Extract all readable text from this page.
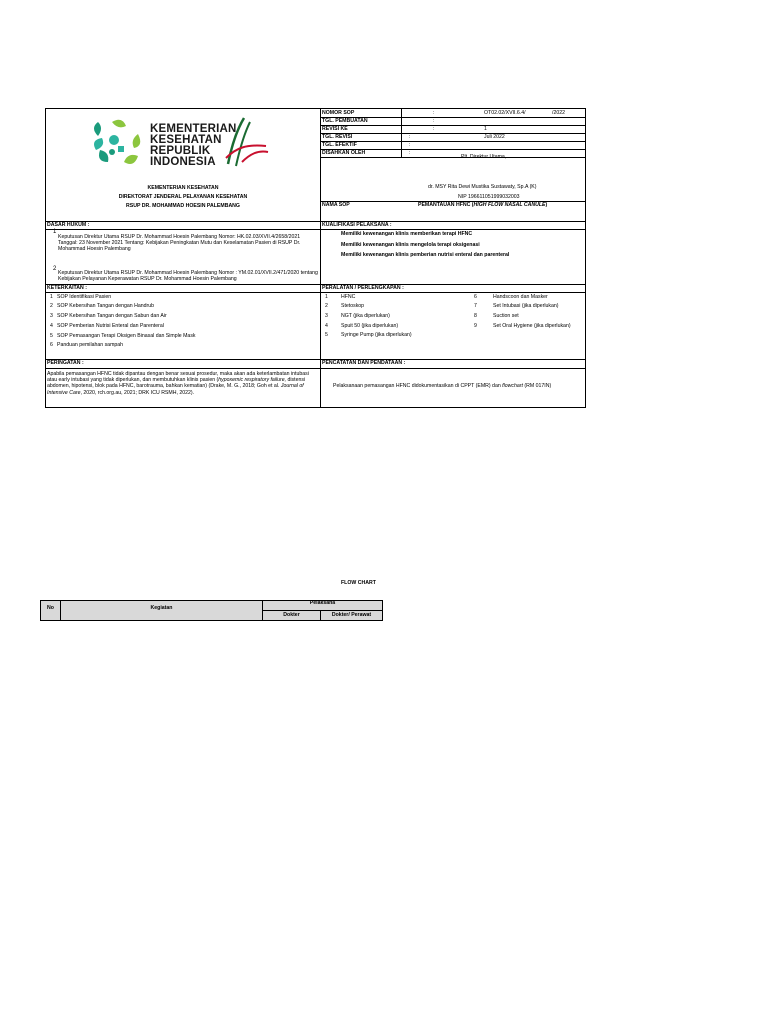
KEMENTERIAN
KESEHATAN
REPUBLIK
INDONESIA
KEMENTERIAN KESEHATAN
DIREKTORAT JENDERAL PELAYANAN KESEHATAN
RSUP DR. MOHAMMAD HOESIN PALEMBANG
NOMOR SOP	:	OT02.02/XVII.6.4/	/2022
TGL. PEMBUATAN	:
REVISI KE	:	1
TGL. REVISI	:	Juli 2022
TGL. EFEKTIF	:
DISAHKAN OLEH	:
Plt. Direktur Utama,
dr. MSY Rita Dewi Mustika Sustawaty, Sp.A (K)
NIP 196611051999032003
NAMA SOP	PEMANTAUAN HFNC (HIGH FLOW NASAL CANULE)
DASAR HUKUM :	KUALIFIKASI PELAKSANA :
1
Keputusan Direktur Utama RSUP Dr. Mohammad Hoesin Palembang Nomor: HK.02.03/XVII.4/2658/2021 Tanggal: 23 November 2021 Tentang: Kebijakan Peningkatan Mutu dan Keselamatan Pasien di RSUP Dr. Mohammad Hoesin Palembang
2
Keputusan Direktur Utama RSUP Dr. Mohammad Hoesin Palembang Nomor : YM.02.01/XVII.2/471/2020 tentang Kebijakan Pelayanan Keperawatan RSUP Dr. Mohammad Hoesin Palembang
Memiliki kewenangan klinis memberikan terapi HFNC
Memiliki kewenangan klinis mengelola terapi oksigenasi
Memiliki kewenangan klinis pemberian nutrisi enteral dan parenteral
KETERKAITAN :	PERALATAN / PERLENGKAPAN :
1 SOP Identifikasi Pasien
2 SOP Kebersihan Tangan dengan Handrub
3 SOP Kebersihan Tangan dengan Sabun dan Air
4 SOP Pemberian Nutrisi Enteral dan Parenteral
5 SOP Pemasangan Terapi Oksigen Binasal dan Simple Mask
6 Panduan pemilahan sampah
1	HFNC
2	Stetoskop
3	NGT (jika diperlukan)
4	Spuit 50 (jika diperlukan)
5	Syringe Pump (jika diperlukan)
6	Handscoon dan Masker
7	Set Intubasi (jika diperlukan)
8	Suction set
9	Set Oral Hygiene (jika diperlukan)
PERINGATAN :	PENCATATAN DAN PENDATAAN :
Apabila pemasangan HFNC tidak dipantau dengan benar sesuai prosedur, maka akan ada keterlambatan intubasi atau early intubasi yang tidak diperlukan, dan membutuhkan klinis pasien (hypoxemic respiratory failure, distensi abdomen, hipotensi, blok pada HFNC, barotrauma, bahkan kematian) (Drake, M. G., 2018; Goh et al. Journal of Intensive Care, 2020, rch.org.au, 2021; DRK ICU RSMH, 2022).
Pelaksanaan pemasangan HFNC didokumentasikan di CPPT (EMR) dan flowchart (RM 017IN)
FLOW CHART
No	Kegiatan
Pelaksana
Dokter	Dokter/ Perawat
